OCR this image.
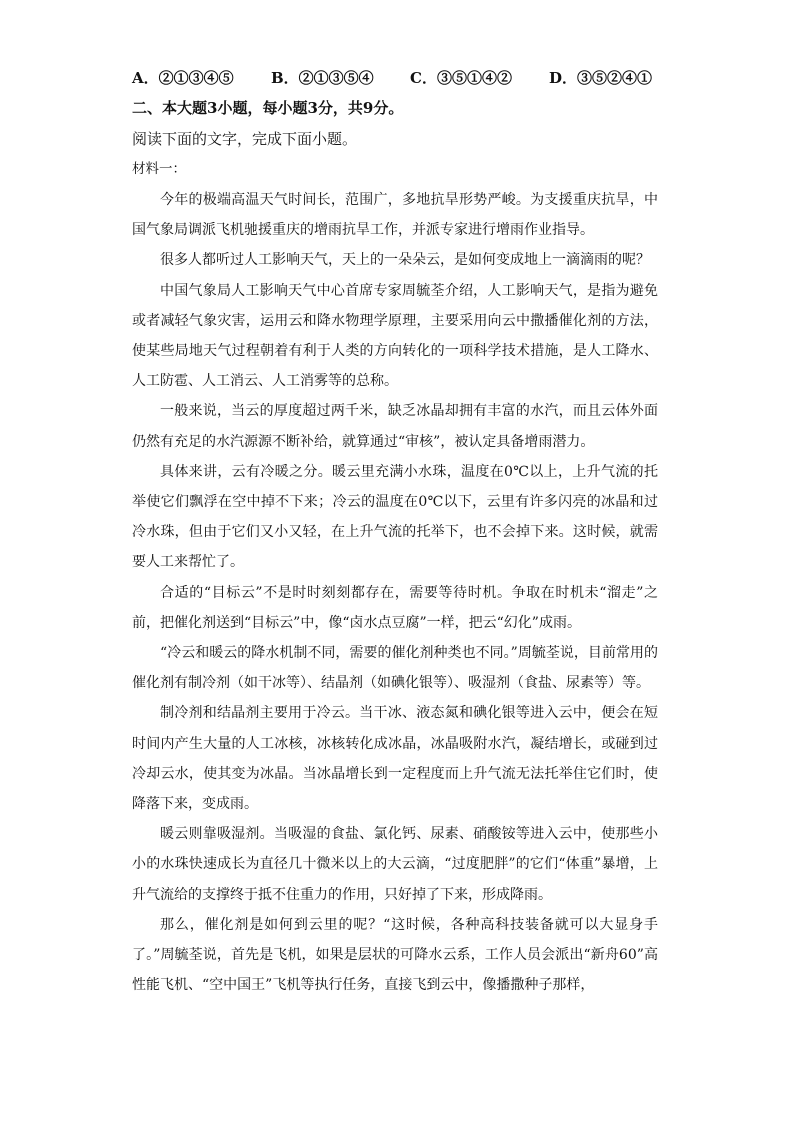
A．②①③④⑤	B．②①③⑤④	C．③⑤①④②	D．③⑤②④①
二、本大题3小题，每小题3分，共9分。
阅读下面的文字，完成下面小题。
材料一：

今年的极端高温天气时间长，范围广，多地抗旱形势严峻。为支援重庆抗旱，中国气象局调派飞机驰援重庆的增雨抗旱工作，并派专家进行增雨作业指导。

很多人都听过人工影响天气，天上的一朵朵云，是如何变成地上一滴滴雨的呢？

中国气象局人工影响天气中心首席专家周毓荃介绍，人工影响天气，是指为避免或者减轻气象灾害，运用云和降水物理学原理，主要采用向云中撒播催化剂的方法，使某些局地天气过程朝着有利于人类的方向转化的一项科学技术措施，是人工降水、人工防雹、人工消云、人工消雾等的总称。

一般来说，当云的厚度超过两千米，缺乏冰晶却拥有丰富的水汽，而且云体外面仍然有充足的水汽源源不断补给，就算通过“审核”，被认定具备增雨潜力。

具体来讲，云有冷暖之分。暖云里充满小水珠，温度在0℃以上，上升气流的托举使它们飘浮在空中掉不下来；冷云的温度在0℃以下，云里有许多闪亮的冰晶和过冷水珠，但由于它们又小又轻，在上升气流的托举下，也不会掉下来。这时候，就需要人工来帮忙了。

合适的“目标云”不是时时刻刻都存在，需要等待时机。争取在时机未“溜走”之前，把催化剂送到“目标云”中，像“卤水点豆腐”一样，把云“幻化”成雨。

“冷云和暖云的降水机制不同，需要的催化剂种类也不同。”周毓荃说，目前常用的催化剂有制冷剂（如干冰等）、结晶剂（如碘化银等）、吸湿剂（食盐、尿素等）等。

制冷剂和结晶剂主要用于冷云。当干冰、液态氮和碘化银等进入云中，便会在短时间内产生大量的人工冰核，冰核转化成冰晶，冰晶吸附水汽，凝结增长，或碰到过冷却云水，使其变为冰晶。当冰晶增长到一定程度而上升气流无法托举住它们时，使降落下来，变成雨。

暖云则靠吸湿剂。当吸湿的食盐、氯化钙、尿素、硝酸铵等进入云中，使那些小小的水珠快速成长为直径几十微米以上的大云滴，“过度肥胖”的它们“体重”暴增，上升气流给的支撑终于抵不住重力的作用，只好掉了下来，形成降雨。

那么，催化剂是如何到云里的呢？“这时候，各种高科技装备就可以大显身手了。”周毓荃说，首先是飞机，如果是层状的可降水云系，工作人员会派出“新舟60”高性能飞机、“空中国王”飞机等执行任务，直接飞到云中，像播撒种子那样，
